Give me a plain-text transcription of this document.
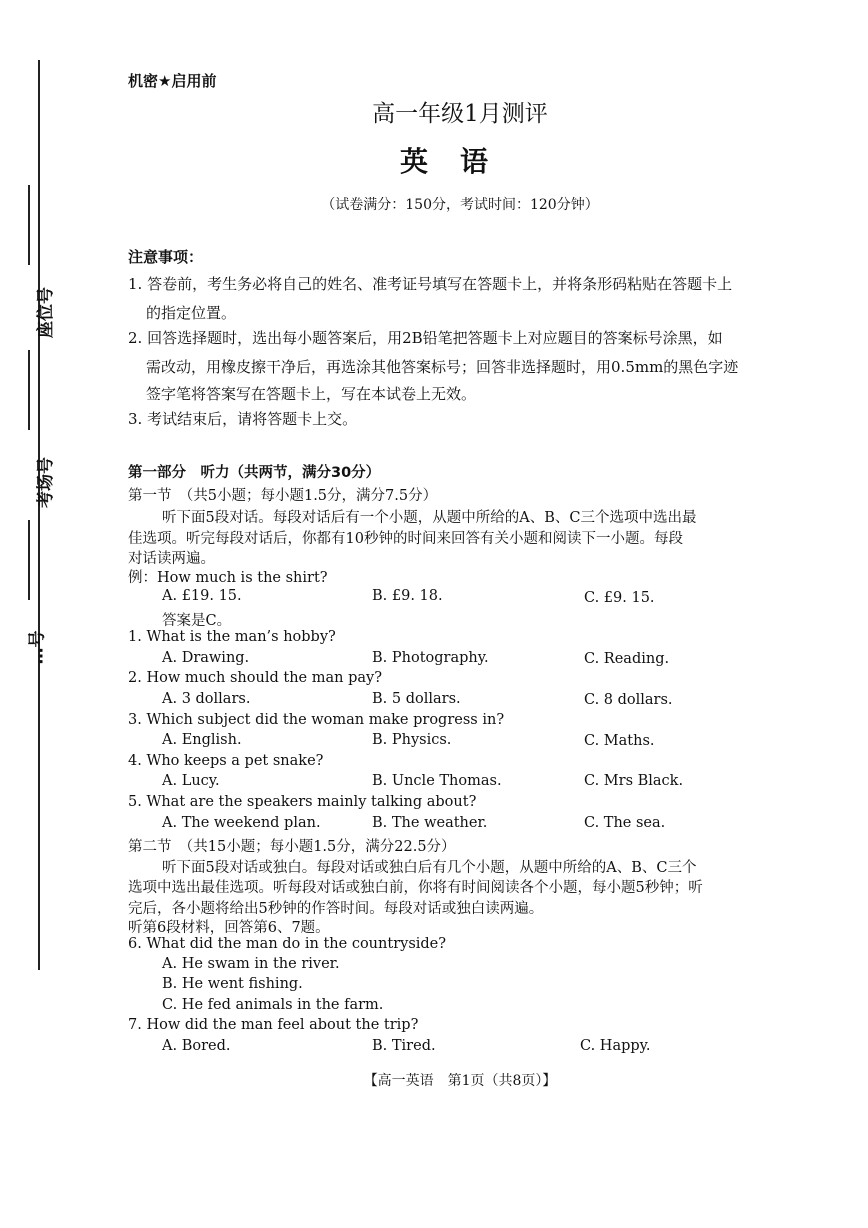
座位号
考场号
…号
机密★启用前
高一年级1月测评
英语
（试卷满分：150分，考试时间：120分钟）
注意事项：
1. 答卷前，考生务必将自己的姓名、准考证号填写在答题卡上，并将条形码粘贴在答题卡上
的指定位置。
2. 回答选择题时，选出每小题答案后，用2B铅笔把答题卡上对应题目的答案标号涂黑，如
需改动，用橡皮擦干净后，再选涂其他答案标号；回答非选择题时，用0.5mm的黑色字迹
签字笔将答案写在答题卡上，写在本试卷上无效。
3. 考试结束后，请将答题卡上交。
第一部分　听力（共两节，满分30分）
第一节　（共5小题；每小题1.5分，满分7.5分）
听下面5段对话。每段对话后有一个小题，从题中所给的A、B、C三个选项中选出最
佳选项。听完每段对话后，你都有10秒钟的时间来回答有关小题和阅读下一小题。每段
对话读两遍。
例：How much is the shirt?
A. £19. 15.	B. £9. 18.	C. £9. 15.
答案是C。
1. What is the man’s hobby?
A. Drawing.	B. Photography.	C. Reading.
2. How much should the man pay?
A. 3 dollars.	B. 5 dollars.	C. 8 dollars.
3. Which subject did the woman make progress in?
A. English.	B. Physics.	C. Maths.
4. Who keeps a pet snake?
A. Lucy.	B. Uncle Thomas.	C. Mrs Black.
5. What are the speakers mainly talking about?
A. The weekend plan.	B. The weather.	C. The sea.
第二节　（共15小题；每小题1.5分，满分22.5分）
听下面5段对话或独白。每段对话或独白后有几个小题，从题中所给的A、B、C三个
选项中选出最佳选项。听每段对话或独白前，你将有时间阅读各个小题，每小题5秒钟；听
完后，各小题将给出5秒钟的作答时间。每段对话或独白读两遍。
听第6段材料，回答第6、7题。
6. What did the man do in the countryside?
A. He swam in the river.
B. He went fishing.
C. He fed animals in the farm.
7. How did the man feel about the trip?
A. Bored.	B. Tired.	C. Happy.
【高一英语　第1页（共8页）】
